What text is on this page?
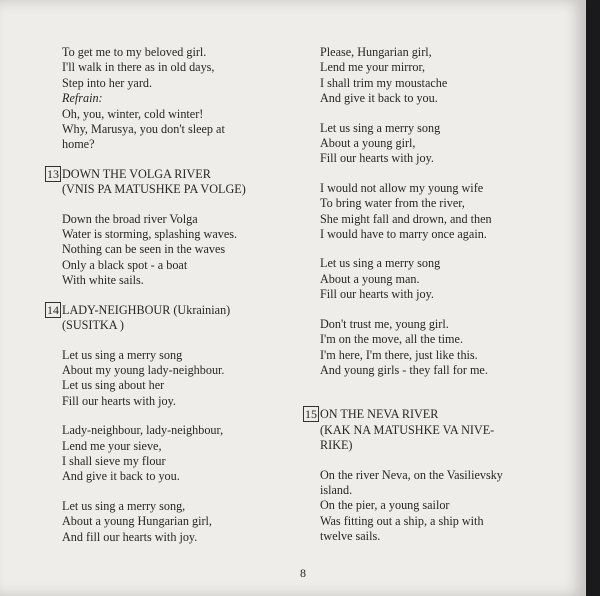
To get me to my beloved girl.
I'll walk in there as in old days,
Step into her yard.
Refrain:
Oh, you, winter, cold winter!
Why, Marusya, you don't sleep at
home?
13 DOWN THE VOLGA RIVER
(VNIS PA MATUSHKE PA VOLGE)
Down the broad river Volga
Water is storming, splashing waves.
Nothing can be seen in the waves
Only a black spot - a boat
With white sails.
14 LADY-NEIGHBOUR (Ukrainian)
(SUSITKA )
Let us sing a merry song
About my young lady-neighbour.
Let us sing about her
Fill our hearts with joy.
Lady-neighbour, lady-neighbour,
Lend me your sieve,
I shall sieve my flour
And give it back to you.
Let us sing a merry song,
About a young Hungarian girl,
And fill our hearts with joy.
Please, Hungarian girl,
Lend me your mirror,
I shall trim my moustache
And give it back to you.
Let us sing a merry song
About a young girl,
Fill our hearts with joy.
I would not allow my young wife
To bring water from the river,
She might fall and drown, and then
I would have to marry once again.
Let us sing a merry song
About a young man.
Fill our hearts with joy.
Don't trust me, young girl.
I'm on the move, all the time.
I'm here, I'm there, just like this.
And young girls - they fall for me.
15 ON THE NEVA RIVER
(KAK NA MATUSHKE VA NIVE-
RIKE)
On the river Neva, on the Vasilievsky
island.
On the pier, a young sailor
Was fitting out a ship, a ship with
twelve sails.
8
